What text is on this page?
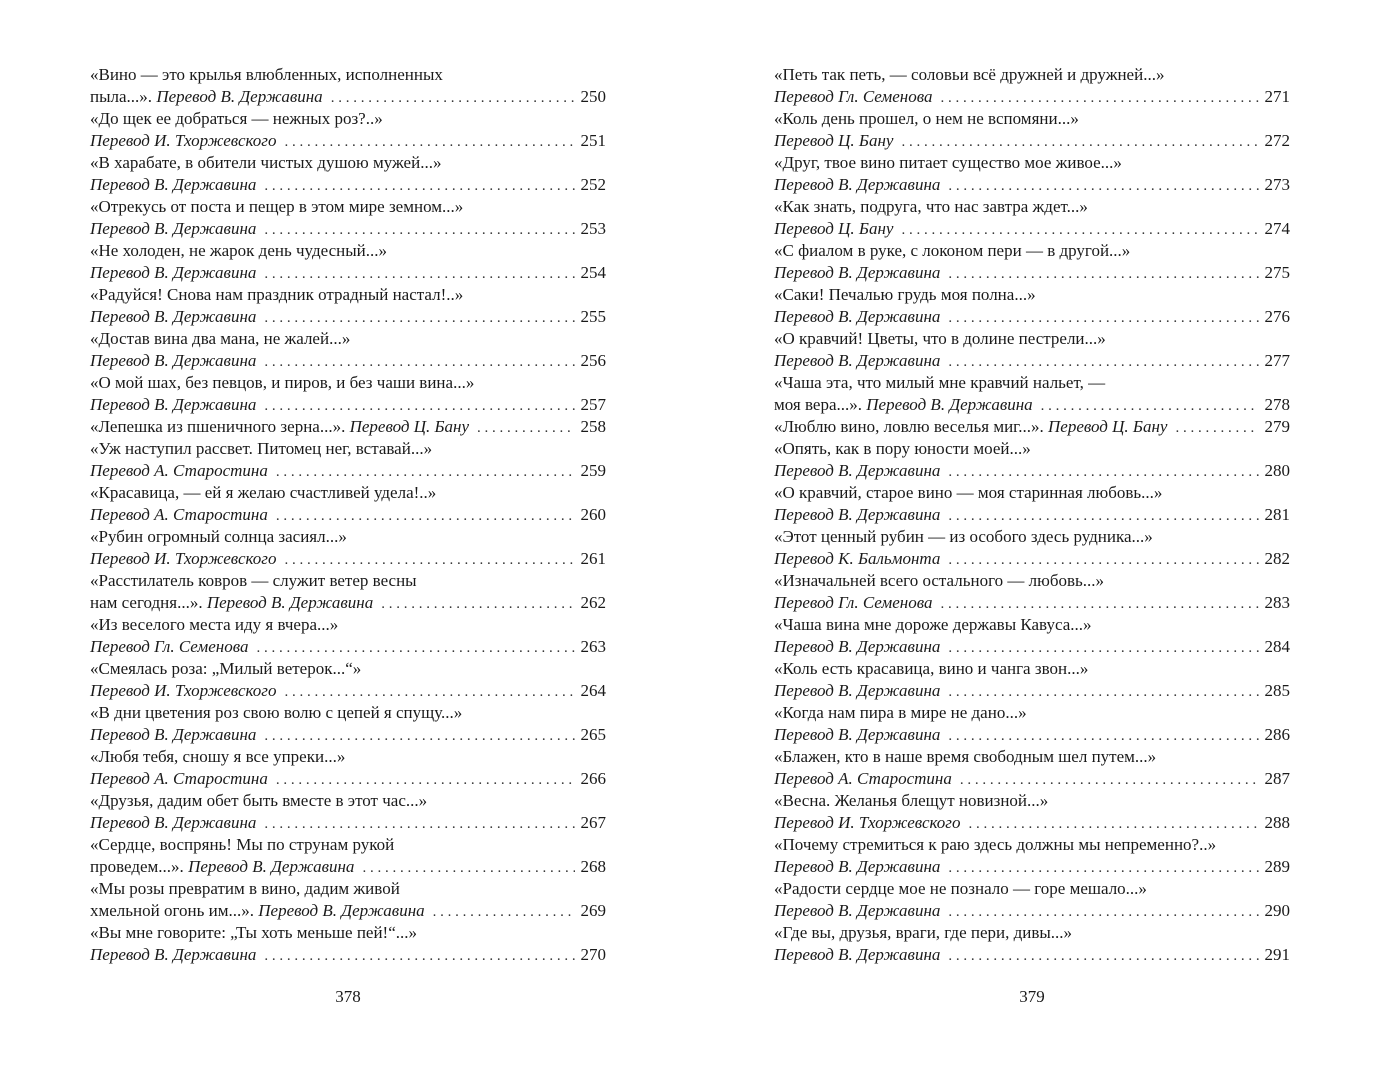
«Вино — это крылья влюбленных, исполненных
пыла...». Перевод В. Державина . . .	250
«До щек ее добраться — нежных роз?..»
Перевод И. Тхоржевского . . .	251
«В харабате, в обители чистых душою мужей...»
Перевод В. Державина . . .	252
«Отрекусь от поста и пещер в этом мире земном...»
Перевод В. Державина . . .	253
«Не холоден, не жарок день чудесный...»
Перевод В. Державина . . .	254
«Радуйся! Снова нам праздник отрадный настал!..»
Перевод В. Державина . . .	255
«Достав вина два мана, не жалей...»
Перевод В. Державина . . .	256
«О мой шах, без певцов, и пиров, и без чаши вина...»
Перевод В. Державина . . .	257
«Лепешка из пшеничного зерна...». Перевод Ц. Бану . . .	258
«Уж наступил рассвет. Питомец нег, вставай...»
Перевод А. Старостина . . .	259
«Красавица, — ей я желаю счастливей удела!..»
Перевод А. Старостина . . .	260
«Рубин огромный солнца засиял...»
Перевод И. Тхоржевского . . .	261
«Расстилатель ковров — служит ветер весны
нам сегодня...». Перевод В. Державина . . .	262
«Из веселого места иду я вчера...»
Перевод Гл. Семенова . . .	263
«Смеялась роза: „Милый ветерок...“»
Перевод И. Тхоржевского . . .	264
«В дни цветения роз свою волю с цепей я спущу...»
Перевод В. Державина . . .	265
«Любя тебя, сношу я все упреки...»
Перевод А. Старостина . . .	266
«Друзья, дадим обет быть вместе в этот час...»
Перевод В. Державина . . .	267
«Сердце, воспрянь! Мы по струнам рукой
проведем...». Перевод В. Державина . . .	268
«Мы розы превратим в вино, дадим живой
хмельной огонь им...». Перевод В. Державина . . .	269
«Вы мне говорите: „Ты хоть меньше пей!“...»
Перевод В. Державина . . .	270
«Петь так петь, — соловьи всё дружней и дружней...»
Перевод Гл. Семенова . . .	271
«Коль день прошел, о нем не вспомяни...»
Перевод Ц. Бану . . .	272
«Друг, твое вино питает существо мое живое...»
Перевод В. Державина . . .	273
«Как знать, подруга, что нас завтра ждет...»
Перевод Ц. Бану . . .	274
«С фиалом в руке, с локоном пери — в другой...»
Перевод В. Державина . . .	275
«Саки! Печалью грудь моя полна...»
Перевод В. Державина . . .	276
«О кравчий! Цветы, что в долине пестрели...»
Перевод В. Державина . . .	277
«Чаша эта, что милый мне кравчий нальет, —
моя вера...». Перевод В. Державина . . .	278
«Люблю вино, ловлю веселья миг...». Перевод Ц. Бану . . .	279
«Опять, как в пору юности моей...»
Перевод В. Державина . . .	280
«О кравчий, старое вино — моя старинная любовь...»
Перевод В. Державина . . .	281
«Этот ценный рубин — из особого здесь рудника...»
Перевод К. Бальмонта . . .	282
«Изначальней всего остального — любовь...»
Перевод Гл. Семенова . . .	283
«Чаша вина мне дороже державы Кавуса...»
Перевод В. Державина . . .	284
«Коль есть красавица, вино и чанга звон...»
Перевод В. Державина . . .	285
«Когда нам пира в мире не дано...»
Перевод В. Державина . . .	286
«Блажен, кто в наше время свободным шел путем...»
Перевод А. Старостина . . .	287
«Весна. Желанья блещут новизной...»
Перевод И. Тхоржевского . . .	288
«Почему стремиться к раю здесь должны мы непременно?..»
Перевод В. Державина . . .	289
«Радости сердце мое не познало — горе мешало...»
Перевод В. Державина . . .	290
«Где вы, друзья, враги, где пери, дивы...»
Перевод В. Державина . . .	291
378	379
